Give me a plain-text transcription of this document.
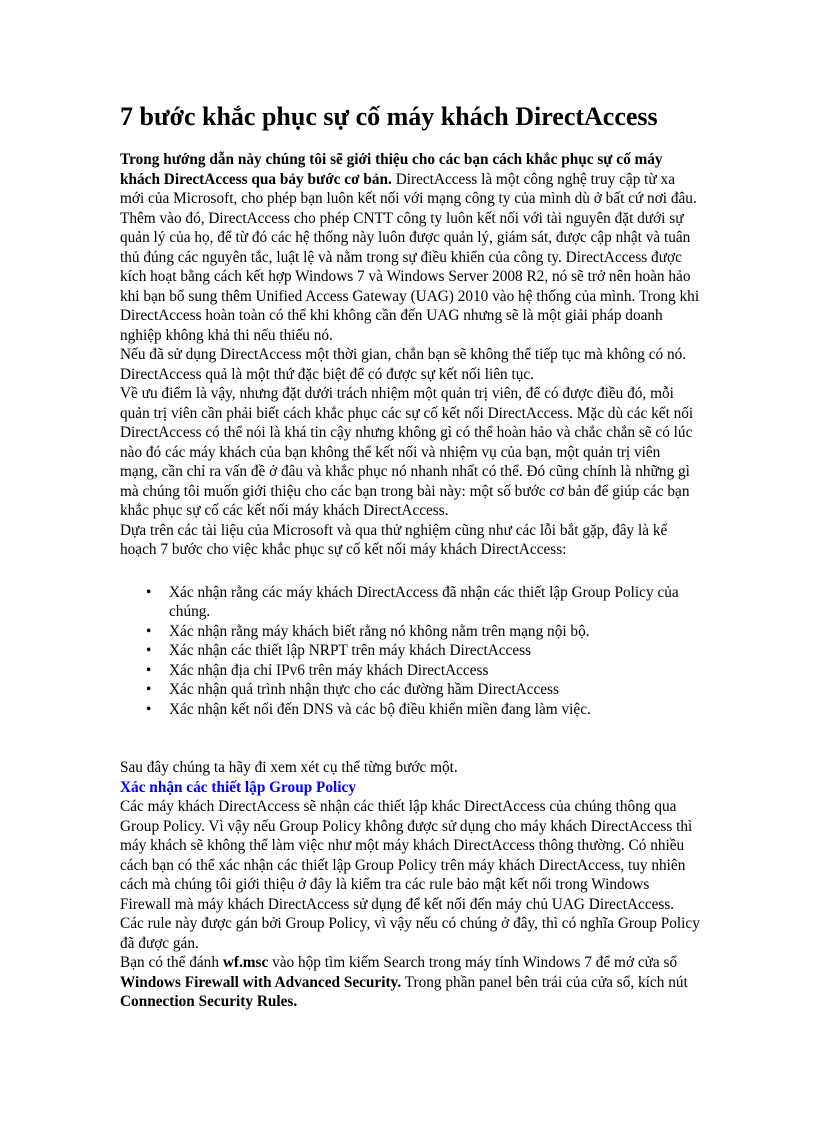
7 bước khắc phục sự cố máy khách DirectAccess

Trong hướng dẫn này chúng tôi sẽ giới thiệu cho các bạn cách khắc phục sự cố máy khách DirectAccess qua bảy bước cơ bản. DirectAccess là một công nghệ truy cập từ xa mới của Microsoft, cho phép bạn luôn kết nối với mạng công ty của mình dù ở bất cứ nơi đâu. Thêm vào đó, DirectAccess cho phép CNTT công ty luôn kết nối với tài nguyên đặt dưới sự quản lý của họ, để từ đó các hệ thống này luôn được quản lý, giám sát, được cập nhật và tuân thủ đúng các nguyên tắc, luật lệ và nằm trong sự điều khiển của công ty. DirectAccess được kích hoạt bằng cách kết hợp Windows 7 và Windows Server 2008 R2, nó sẽ trở nên hoàn hảo khi bạn bổ sung thêm Unified Access Gateway (UAG) 2010 vào hệ thống của mình. Trong khi DirectAccess hoàn toàn có thể khi không cần đến UAG nhưng sẽ là một giải pháp doanh nghiệp không khả thi nếu thiếu nó.

Nếu đã sử dụng DirectAccess một thời gian, chắn bạn sẽ không thể tiếp tục mà không có nó. DirectAccess quả là một thứ đặc biệt để có được sự kết nối liên tục.

Về ưu điểm là vậy, nhưng đặt dưới trách nhiệm một quản trị viên, để có được điều đó, mỗi quản trị viên cần phải biết cách khắc phục các sự cố kết nối DirectAccess. Mặc dù các kết nối DirectAccess có thể nói là khá tin cậy nhưng không gì có thể hoàn hảo và chắc chắn sẽ có lúc nào đó các máy khách của bạn không thể kết nối và nhiệm vụ của bạn, một quản trị viên mạng, cần chỉ ra vấn đề ở đâu và khắc phục nó nhanh nhất có thể. Đó cũng chính là những gì mà chúng tôi muốn giới thiệu cho các bạn trong bài này: một số bước cơ bản để giúp các bạn khắc phục sự cố các kết nối máy khách DirectAccess.

Dựa trên các tài liệu của Microsoft và qua thử nghiệm cũng như các lỗi bắt gặp, đây là kế hoạch 7 bước cho việc khắc phục sự cố kết nối máy khách DirectAccess:

• Xác nhận rằng các máy khách DirectAccess đã nhận các thiết lập Group Policy của chúng.
• Xác nhận rằng máy khách biết rằng nó không nằm trên mạng nội bộ.
• Xác nhận các thiết lập NRPT trên máy khách DirectAccess
• Xác nhận địa chỉ IPv6 trên máy khách DirectAccess
• Xác nhận quá trình nhận thực cho các đường hầm DirectAccess
• Xác nhận kết nối đến DNS và các bộ điều khiển miền đang làm việc.

Sau đây chúng ta hãy đi xem xét cụ thể từng bước một.

Xác nhận các thiết lập Group Policy

Các máy khách DirectAccess sẽ nhận các thiết lập khác DirectAccess của chúng thông qua Group Policy. Vì vậy nếu Group Policy không được sử dụng cho máy khách DirectAccess thì máy khách sẽ không thể làm việc như một máy khách DirectAccess thông thường. Có nhiều cách bạn có thể xác nhận các thiết lập Group Policy trên máy khách DirectAccess, tuy nhiên cách mà chúng tôi giới thiệu ở đây là kiểm tra các rule bảo mật kết nối trong Windows Firewall mà máy khách DirectAccess sử dụng để kết nối đến máy chủ UAG DirectAccess. Các rule này được gán bởi Group Policy, vì vậy nếu có chúng ở đây, thì có nghĩa Group Policy đã được gán.

Bạn có thể đánh wf.msc vào hộp tìm kiếm Search trong máy tính Windows 7 để mở cửa sổ Windows Firewall with Advanced Security. Trong phần panel bên trái của cửa sổ, kích nút Connection Security Rules.
